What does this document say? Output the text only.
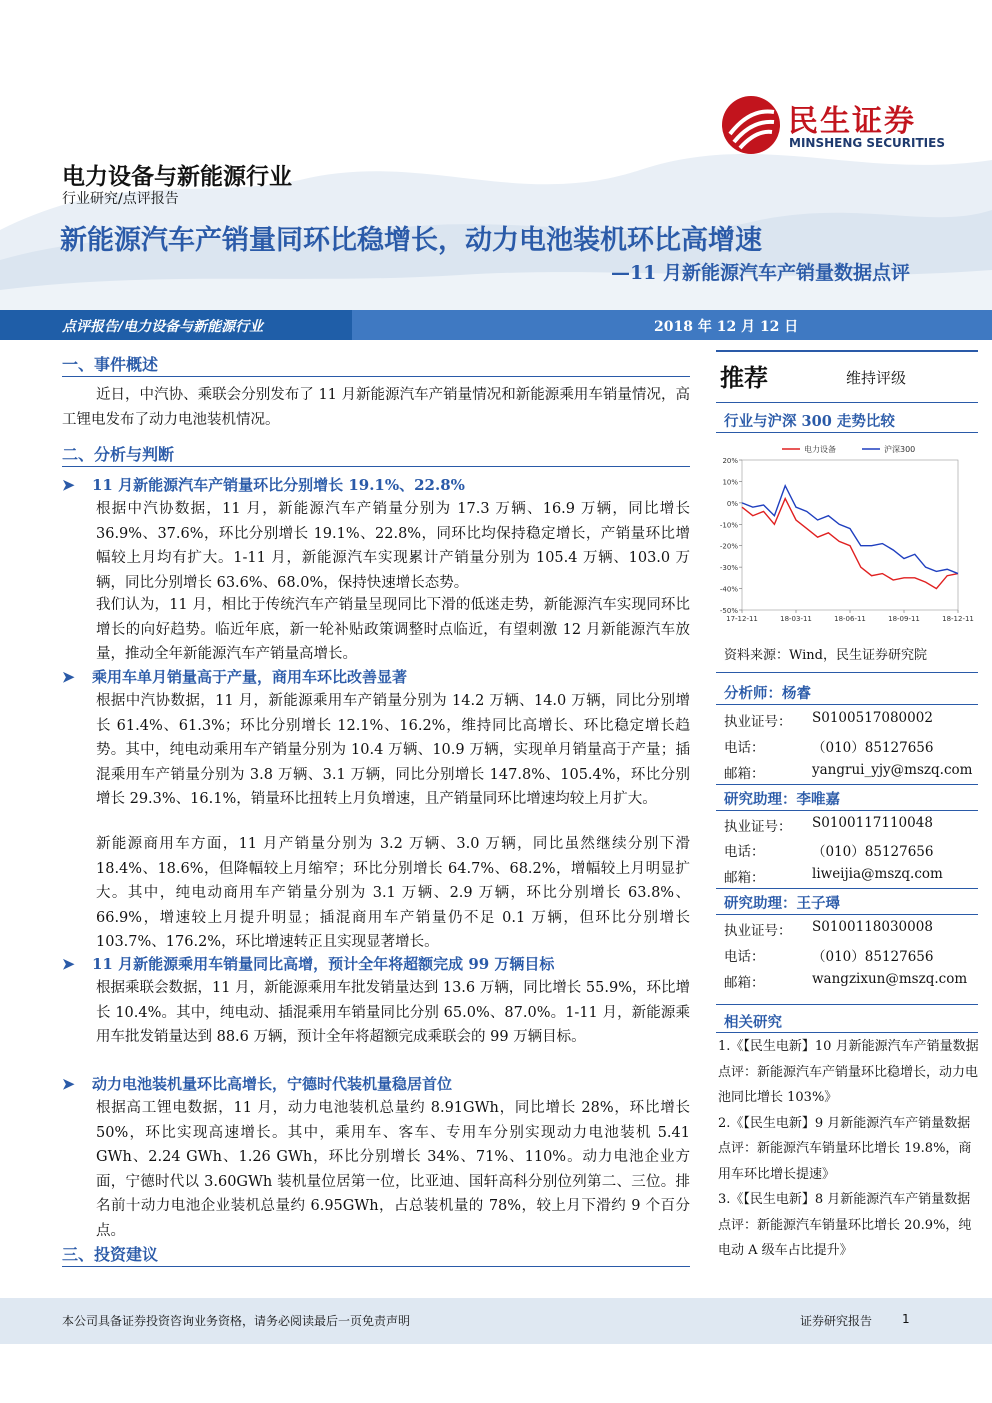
民生证券
MINSHENG SECURITIES
电力设备与新能源行业
行业研究/点评报告
新能源汽车产销量同环比稳增长，动力电池装机环比高增速
—11 月新能源汽车产销量数据点评
点评报告/电力设备与新能源行业	2018 年 12 月 12 日
一、事件概述
近日，中汽协、乘联会分别发布了 11 月新能源汽车产销量情况和新能源乘用车销量情况，高工锂电发布了动力电池装机情况。
二、分析与判断
➤ 11 月新能源汽车产销量环比分别增长 19.1%、22.8%
根据中汽协数据，11 月，新能源汽车产销量分别为 17.3 万辆、16.9 万辆，同比增长 36.9%、37.6%，环比分别增长 19.1%、22.8%，同环比均保持稳定增长，产销量环比增幅较上月均有扩大。1-11 月，新能源汽车实现累计产销量分别为 105.4 万辆、103.0 万辆，同比分别增长 63.6%、68.0%，保持快速增长态势。
我们认为，11 月，相比于传统汽车产销量呈现同比下滑的低迷走势，新能源汽车实现同环比增长的向好趋势。临近年底，新一轮补贴政策调整时点临近，有望刺激 12 月新能源汽车放量，推动全年新能源汽车产销量高增长。
➤ 乘用车单月销量高于产量，商用车环比改善显著
根据中汽协数据，11 月，新能源乘用车产销量分别为 14.2 万辆、14.0 万辆，同比分别增长 61.4%、61.3%；环比分别增长 12.1%、16.2%，维持同比高增长、环比稳定增长趋势。其中，纯电动乘用车产销量分别为 10.4 万辆、10.9 万辆，实现单月销量高于产量；插混乘用车产销量分别为 3.8 万辆、3.1 万辆，同比分别增长 147.8%、105.4%，环比分别增长 29.3%、16.1%，销量环比扭转上月负增速，且产销量同环比增速均较上月扩大。
新能源商用车方面，11 月产销量分别为 3.2 万辆、3.0 万辆，同比虽然继续分别下滑 18.4%、18.6%，但降幅较上月缩窄；环比分别增长 64.7%、68.2%，增幅较上月明显扩大。其中，纯电动商用车产销量分别为 3.1 万辆、2.9 万辆，环比分别增长 63.8%、66.9%，增速较上月提升明显；插混商用车产销量仍不足 0.1 万辆，但环比分别增长 103.7%、176.2%，环比增速转正且实现显著增长。
➤ 11 月新能源乘用车销量同比高增，预计全年将超额完成 99 万辆目标
根据乘联会数据，11 月，新能源乘用车批发销量达到 13.6 万辆，同比增长 55.9%，环比增长 10.4%。其中，纯电动、插混乘用车销量同比分别 65.0%、87.0%。1-11 月，新能源乘用车批发销量达到 88.6 万辆，预计全年将超额完成乘联会的 99 万辆目标。
➤ 动力电池装机量环比高增长，宁德时代装机量稳居首位
根据高工锂电数据，11 月，动力电池装机总量约 8.91GWh，同比增长 28%，环比增长 50%，环比实现高速增长。其中，乘用车、客车、专用车分别实现动力电池装机 5.41 GWh、2.24 GWh、1.26 GWh，环比分别增长 34%、71%、110%。动力电池企业方面，宁德时代以 3.60GWh 装机量位居第一位，比亚迪、国轩高科分别位列第二、三位。排名前十动力电池企业装机总量约 6.95GWh，占总装机量的 78%，较上月下滑约 9 个百分点。
三、投资建议
推荐	维持评级
行业与沪深 300 走势比较
20%
10%
0%
-10%
-20%
-30%
-40%
-50%
17-12-11	18-03-11	18-06-11	18-09-11	18-12-11
电力设备	沪深300
资料来源：Wind，民生证券研究院
分析师：杨睿
执业证号： S0100517080002
电话：	（010）85127656
邮箱：	yangrui_yjy@mszq.com
研究助理：李唯嘉
执业证号： S0100117110048
电话：	（010）85127656
邮箱：	liweijia@mszq.com
研究助理：王子璕
执业证号： S0100118030008
电话：	（010）85127656
邮箱：	wangzixun@mszq.com
相关研究

1.《【民生电新】10 月新能源汽车产销量数据点评：新能源汽车产销量环比稳增长，动力电池同比增长 103%》

2.《【民生电新】9 月新能源汽车产销量数据点评：新能源汽车销量环比增长 19.8%，商用车环比增长提速》

3.《【民生电新】8 月新能源汽车产销量数据点评：新能源汽车销量环比增长 20.9%，纯电动 A 级车占比提升》

本公司具备证券投资咨询业务资格，请务必阅读最后一页免责声明	证券研究报告 1
